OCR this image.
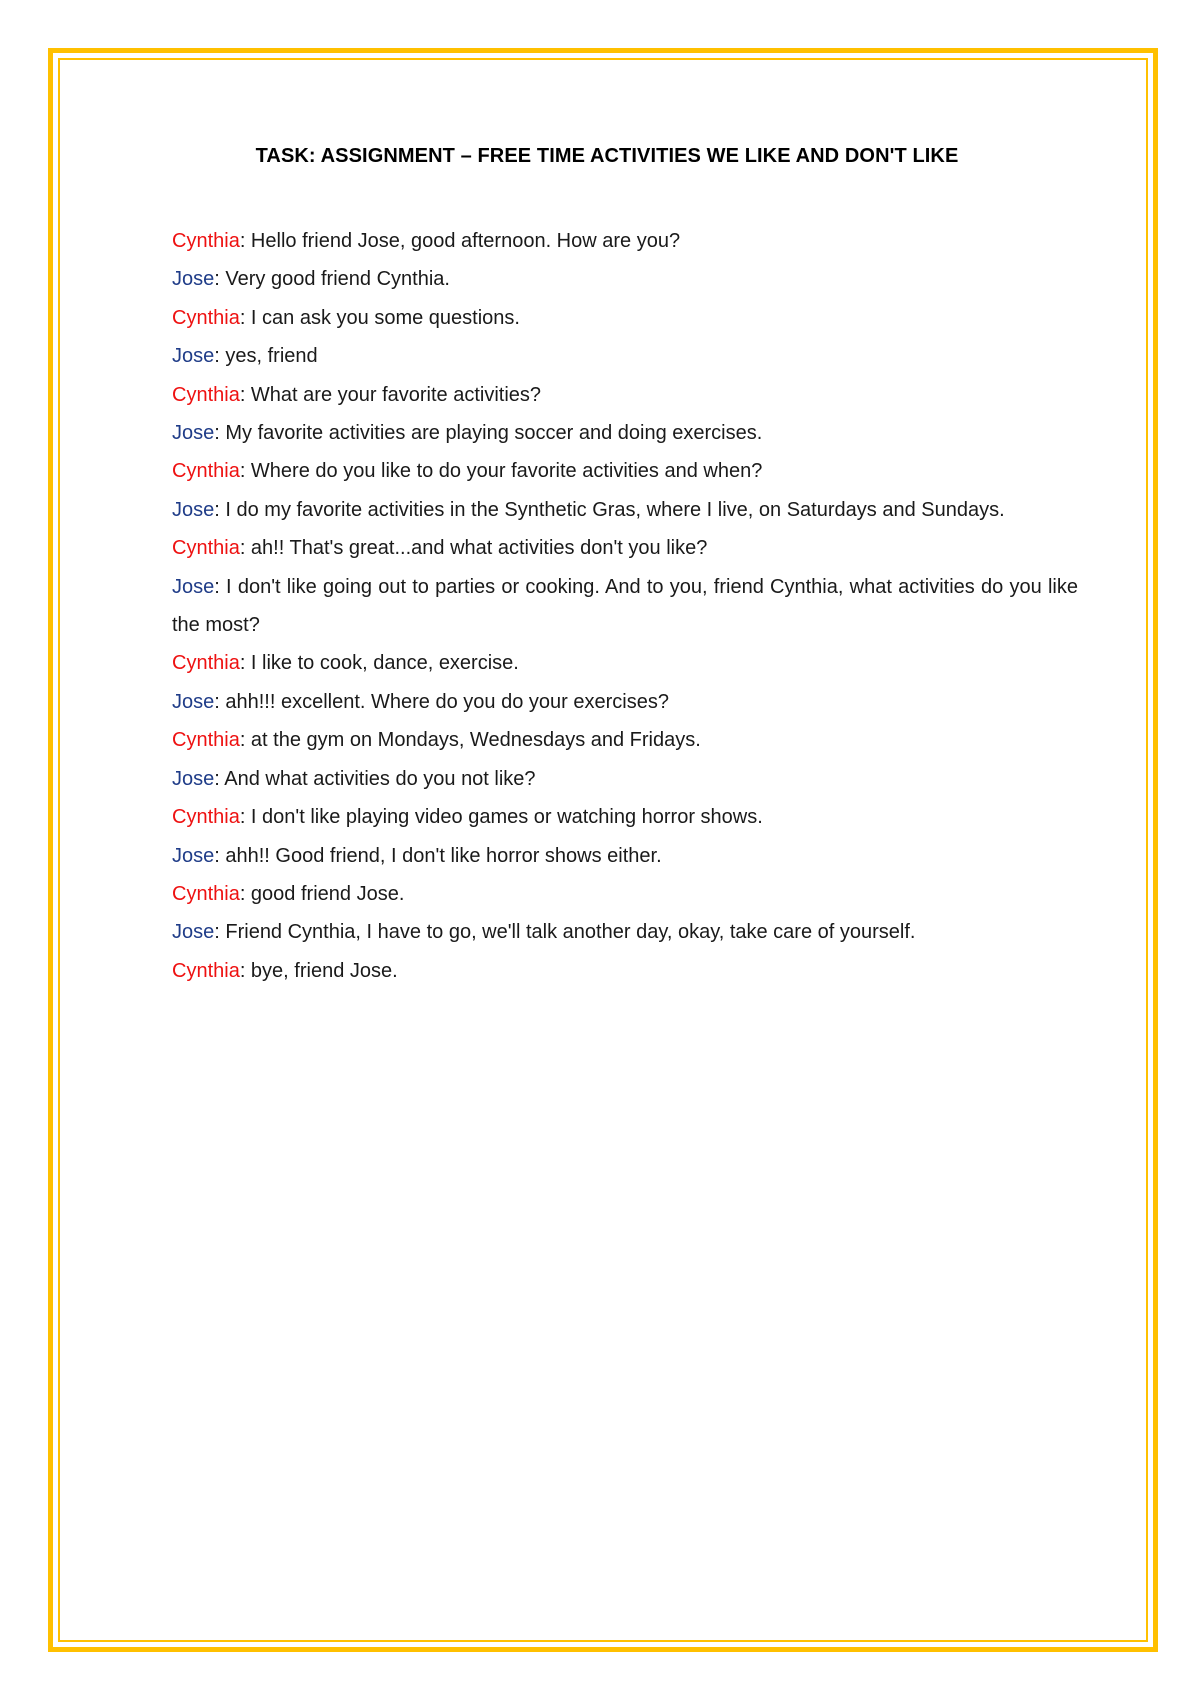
TASK: ASSIGNMENT – FREE TIME ACTIVITIES WE LIKE AND DON'T LIKE

Cynthia: Hello friend Jose, good afternoon. How are you?

Jose: Very good friend Cynthia.

Cynthia: I can ask you some questions.

Jose: yes, friend

Cynthia: What are your favorite activities?

Jose: My favorite activities are playing soccer and doing exercises.

Cynthia: Where do you like to do your favorite activities and when?

Jose: I do my favorite activities in the Synthetic Gras, where I live, on Saturdays and Sundays.

Cynthia: ah!! That's great...and what activities don't you like?

Jose: I don't like going out to parties or cooking. And to you, friend Cynthia, what activities do you like the most?

Cynthia: I like to cook, dance, exercise.

Jose: ahh!!! excellent. Where do you do your exercises?

Cynthia: at the gym on Mondays, Wednesdays and Fridays.

Jose: And what activities do you not like?

Cynthia: I don't like playing video games or watching horror shows.

Jose: ahh!! Good friend, I don't like horror shows either.

Cynthia: good friend Jose.

Jose: Friend Cynthia, I have to go, we'll talk another day, okay, take care of yourself.

Cynthia: bye, friend Jose.
